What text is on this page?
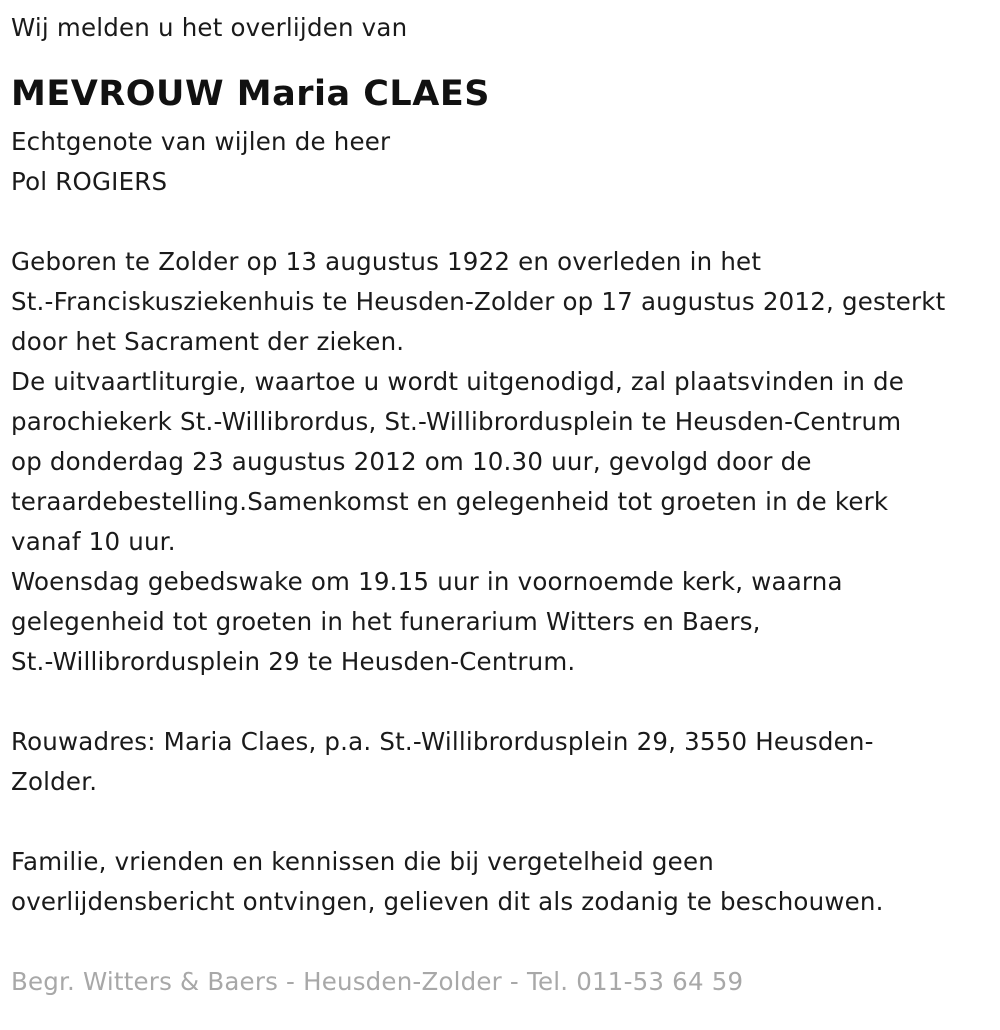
Wij melden u het overlijden van
MEVROUW Maria CLAES
Echtgenote van wijlen de heer
Pol ROGIERS
Geboren te Zolder op 13 augustus 1922 en overleden in het
St.-Franciskusziekenhuis te Heusden-Zolder op 17 augustus 2012, gesterkt
door het Sacrament der zieken.
De uitvaartliturgie, waartoe u wordt uitgenodigd, zal plaatsvinden in de
parochiekerk St.-Willibrordus, St.-Willibrordusplein te Heusden-Centrum
op donderdag 23 augustus 2012 om 10.30 uur, gevolgd door de
teraardebestelling.Samenkomst en gelegenheid tot groeten in de kerk
vanaf 10 uur.
Woensdag gebedswake om 19.15 uur in voornoemde kerk, waarna
gelegenheid tot groeten in het funerarium Witters en Baers,
St.-Willibrordusplein 29 te Heusden-Centrum.
Rouwadres: Maria Claes, p.a. St.-Willibrordusplein 29, 3550 Heusden-
Zolder.
Familie, vrienden en kennissen die bij vergetelheid geen
overlijdensbericht ontvingen, gelieven dit als zodanig te beschouwen.
Begr. Witters & Baers - Heusden-Zolder - Tel. 011-53 64 59
